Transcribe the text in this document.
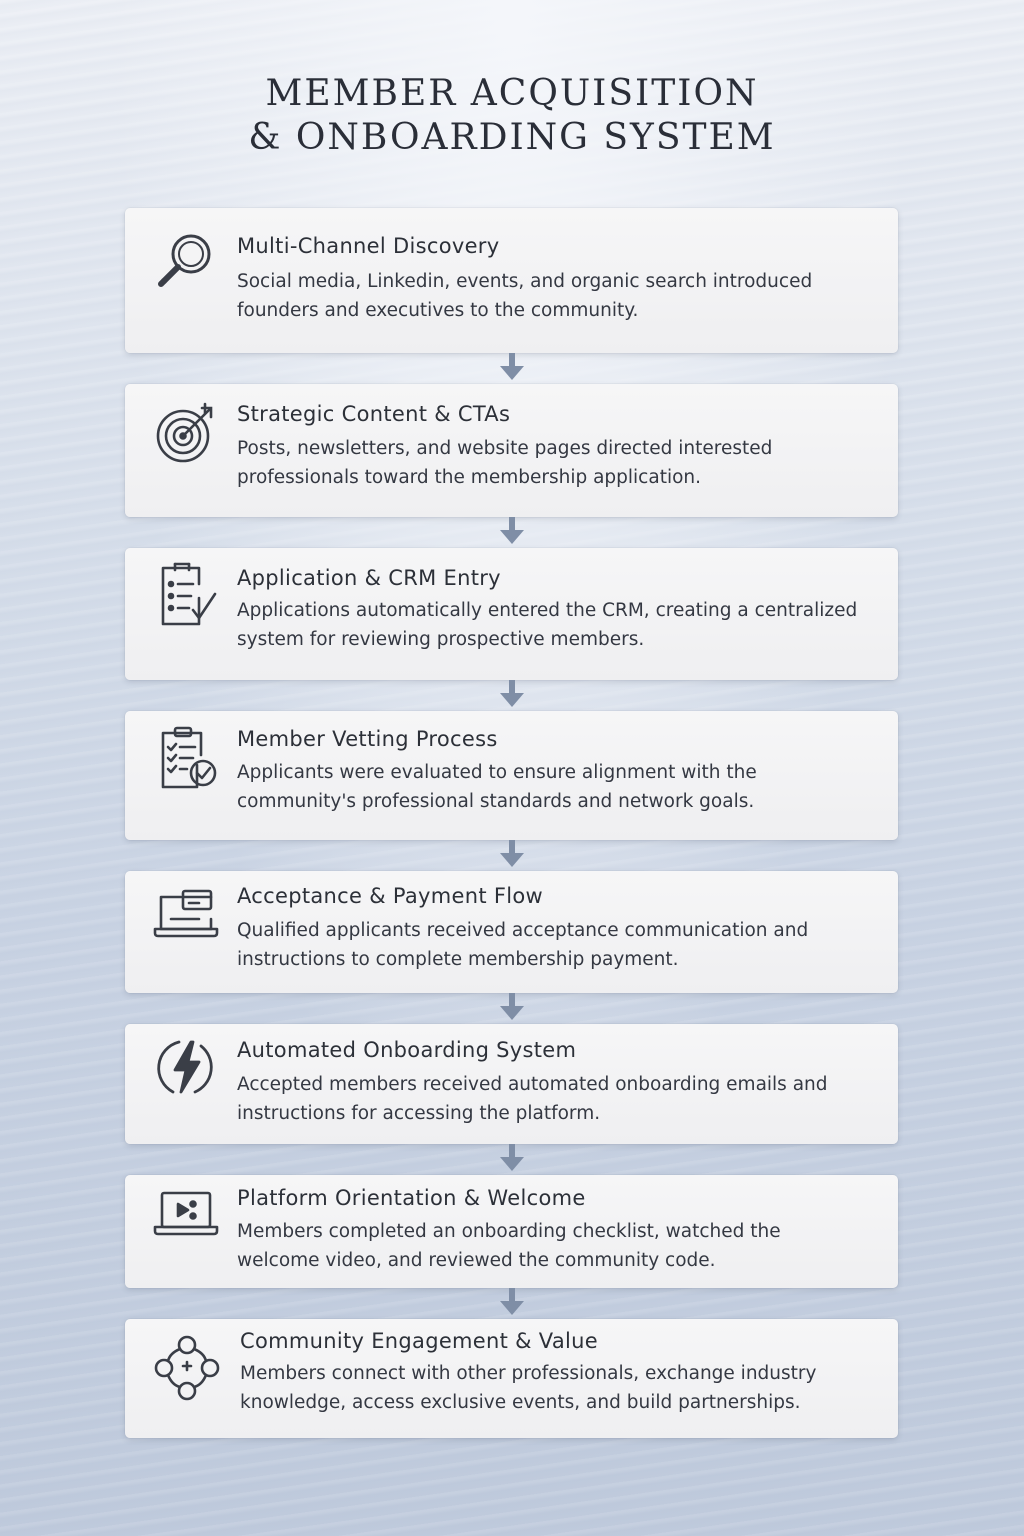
MEMBER ACQUISITION
& ONBOARDING SYSTEM
Multi-Channel Discovery
Social media, Linkedin, events, and organic search introduced founders and executives to the community.
Strategic Content & CTAs
Posts, newsletters, and website pages directed interested professionals toward the membership application.
Application & CRM Entry
Applications automatically entered the CRM, creating a centralized system for reviewing prospective members.
Member Vetting Process
Applicants were evaluated to ensure alignment with the community's professional standards and network goals.
Acceptance & Payment Flow
Qualified applicants received acceptance communication and instructions to complete membership payment.
Automated Onboarding System
Accepted members received automated onboarding emails and instructions for accessing the platform.
Platform Orientation & Welcome
Members completed an onboarding checklist, watched the welcome video, and reviewed the community code.
Community Engagement & Value
Members connect with other professionals, exchange industry knowledge, access exclusive events, and build partnerships.
